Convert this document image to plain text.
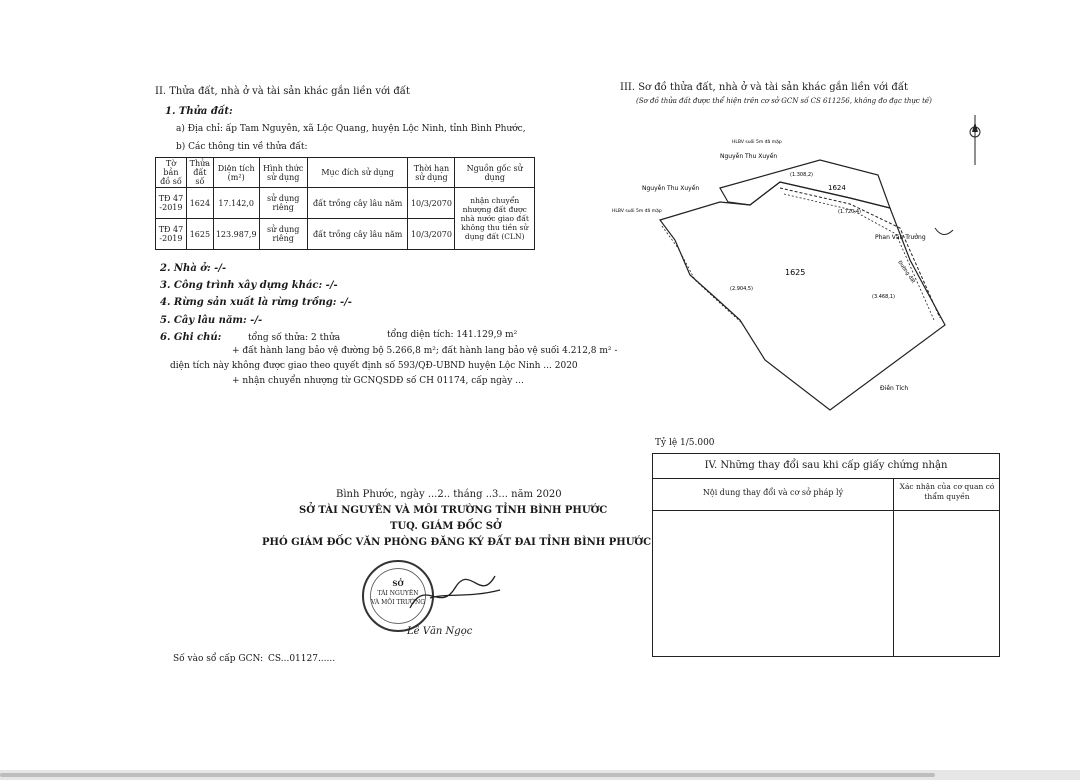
II. Thửa đất, nhà ở và tài sản khác gắn liền với đất
1. Thửa đất:
a) Địa chỉ: ấp Tam Nguyên, xã Lộc Quang, huyện Lộc Ninh, tỉnh Bình Phước,
b) Các thông tin về thửa đất:
Tờ bản đồ số	Thửa đất số	Diện tích (m²)	Hình thức sử dụng	Mục đích sử dụng	Thời hạn sử dụng	Nguồn gốc sử dụng
TĐ 47 -2019	1624	17.142,0	sử dụng riêng	đất trồng cây lâu năm	10/3/2070	nhận chuyển nhượng đất được nhà nước giao đất không thu tiền sử dụng đất (CLN)
TĐ 47 -2019	1625	123.987,9	sử dụng riêng	đất trồng cây lâu năm	10/3/2070	
2. Nhà ở: -/-
3. Công trình xây dựng khác: -/-
4. Rừng sản xuất là rừng trồng: -/-
5. Cây lâu năm: -/-
6. Ghi chú:	tổng số thửa: 2 thửa	tổng diện tích: 141.129,9 m²
+ đất hành lang bảo vệ đường bộ 5.266,8 m²; đất hành lang bảo vệ suối 4.212,8 m² -
diện tích này không được giao theo quyết định số 593/QĐ-UBND huyện Lộc Ninh ... 2020
+ nhận chuyển nhượng từ GCNQSDĐ số CH 01174, cấp ngày ...
Bình Phước, ngày ...2.. tháng ..3... năm 2020
SỞ TÀI NGUYÊN VÀ MÔI TRƯỜNG TỈNH BÌNH PHƯỚC
TUQ. GIÁM ĐỐC SỞ
PHÓ GIÁM ĐỐC VĂN PHÒNG ĐĂNG KÝ ĐẤT ĐAI TỈNH BÌNH PHƯỚC
SỞ
TÀI NGUYÊN
VÀ MÔI TRƯỜNG
Lê Văn Ngọc
Số vào sổ cấp GCN: CS...01127......
III. Sơ đồ thửa đất, nhà ở và tài sản khác gắn liền với đất
(Sơ đồ thửa đất được thể hiện trên cơ sở GCN số CS 611256, không đo đạc thực tế)
1624
1625
Nguyễn Thu Xuyến
HLBV suối 5m đã mặp
Nguyễn Thu Xuyến
HLBV suối 5m đã mặp
Phan Văn Trưởng
Điền Tích
(1.308,2)
(1.720,4)
(2.904,5)
(3.468,1)
Đường đất
Tỷ lệ 1/5.000
IV. Những thay đổi sau khi cấp giấy chứng nhận
Nội dung thay đổi và cơ sở pháp lý
Xác nhận của cơ quan có thẩm quyền
